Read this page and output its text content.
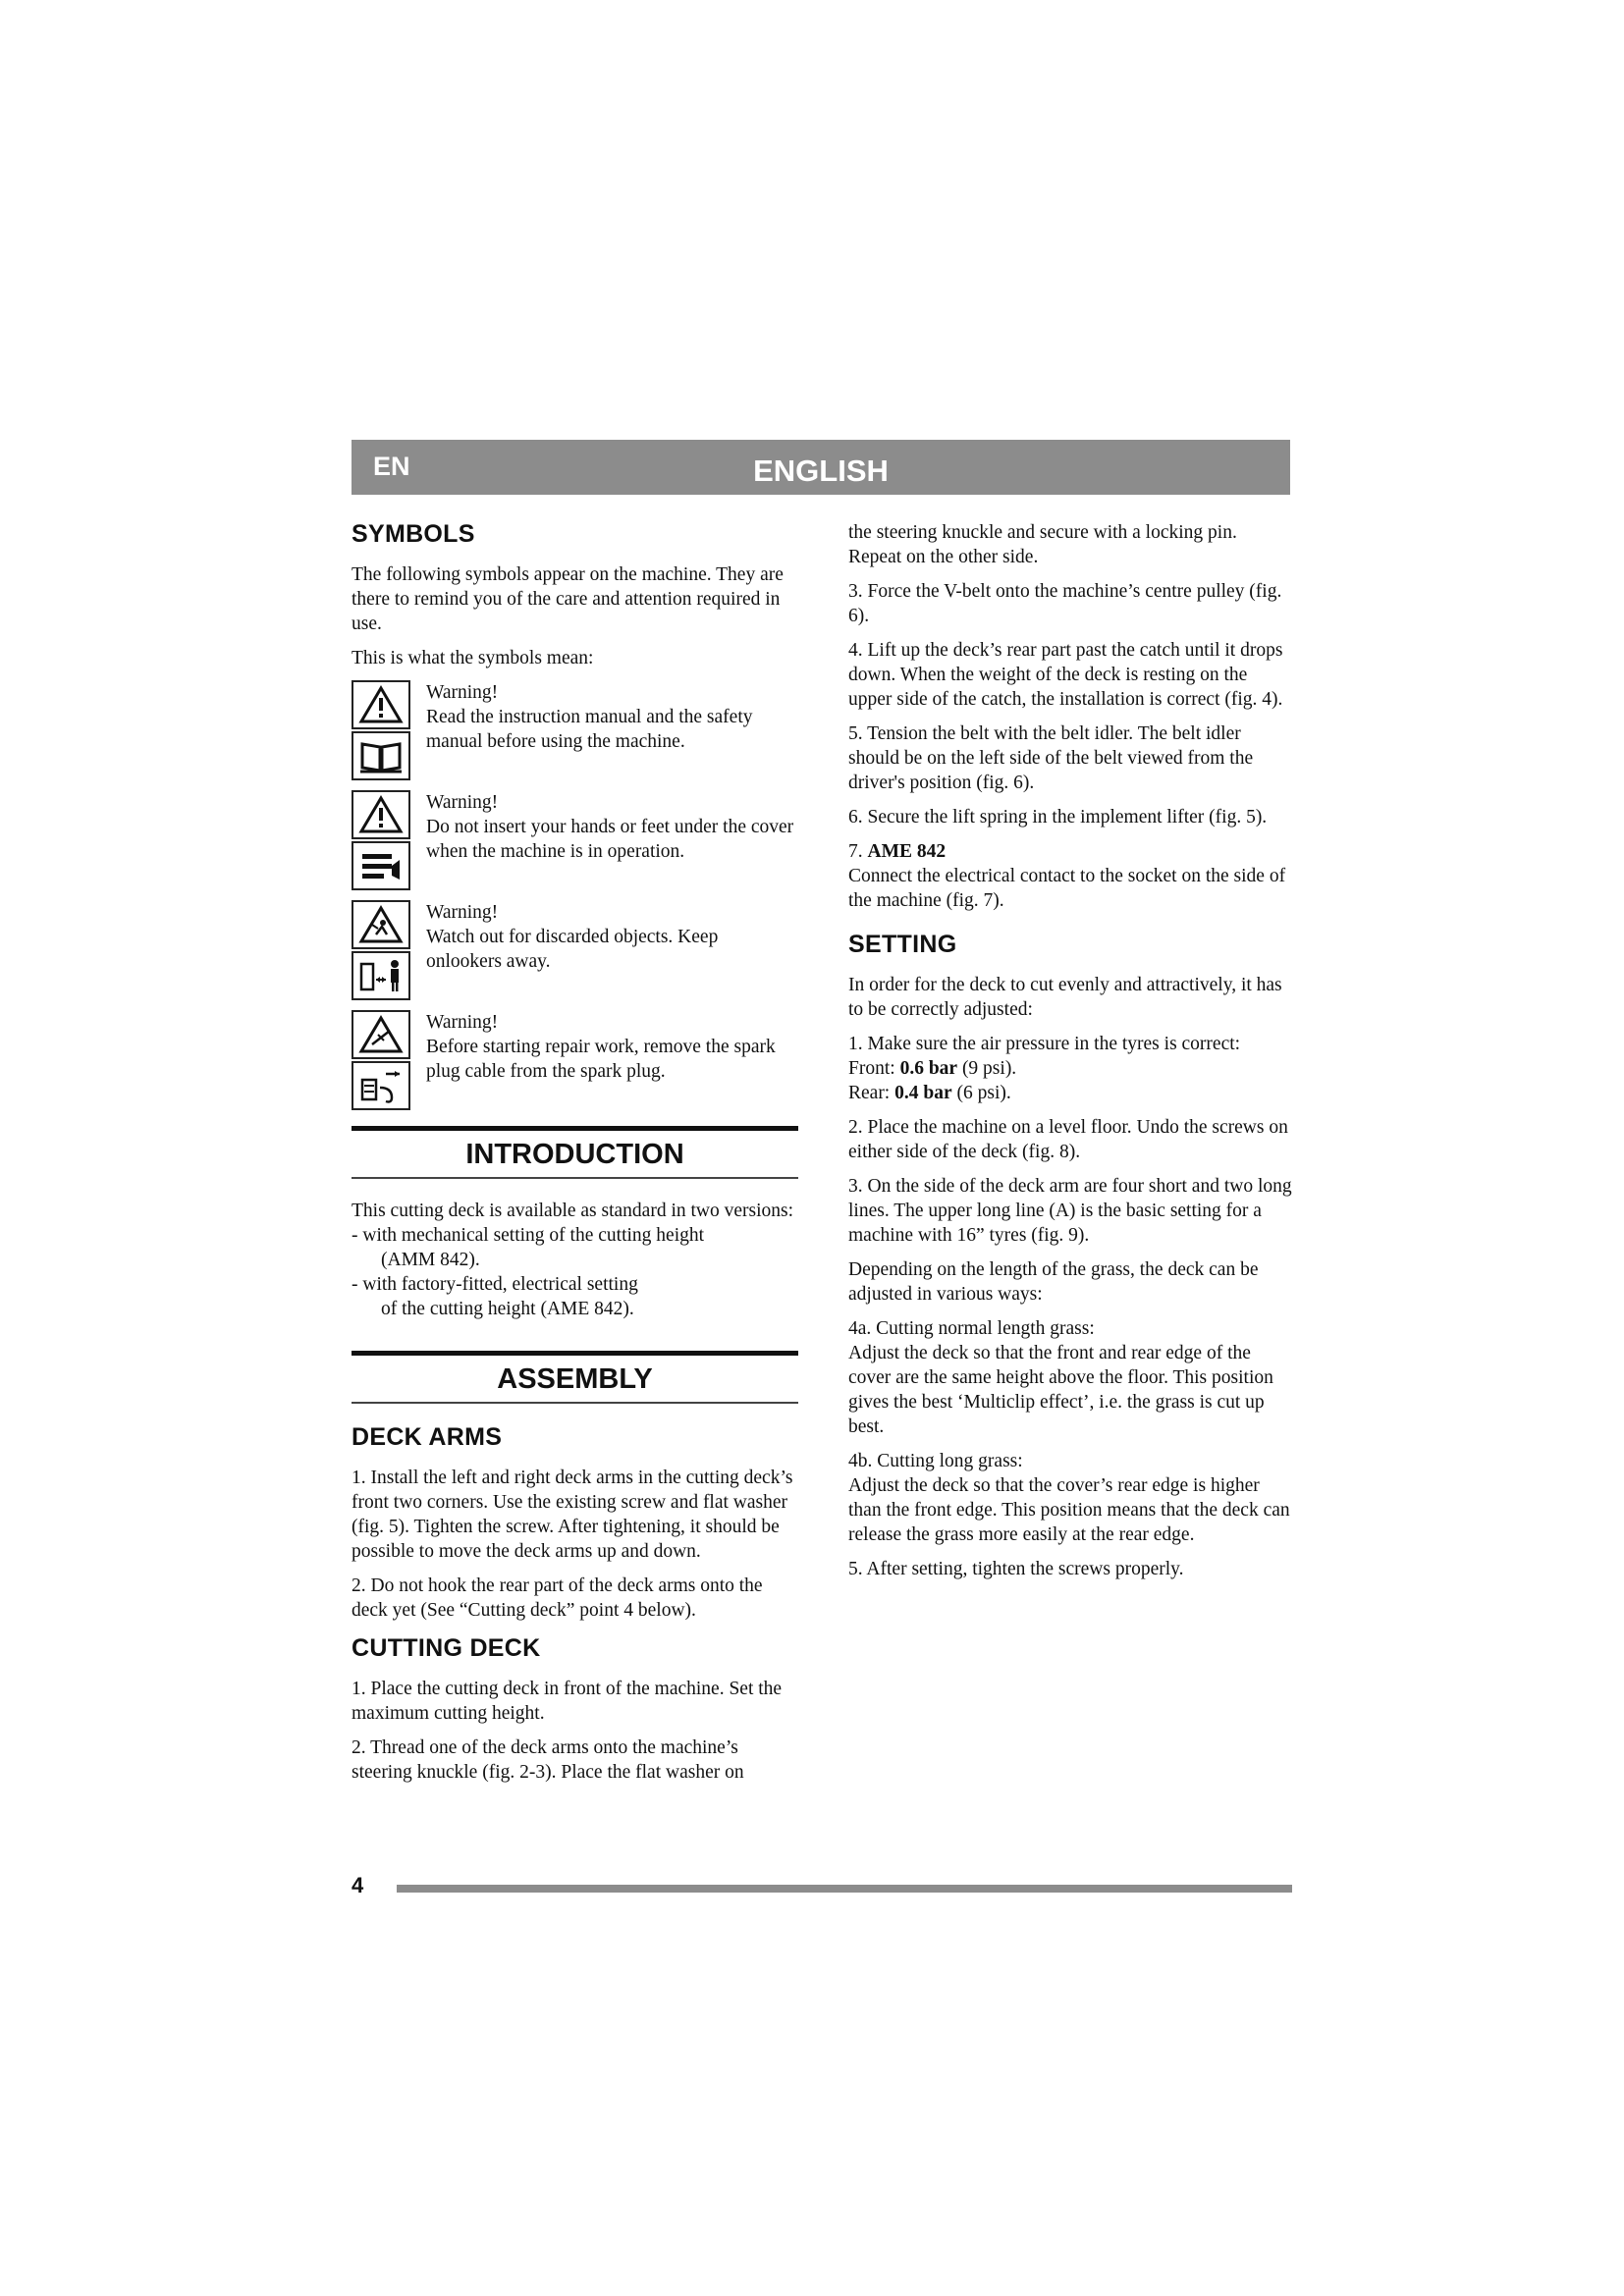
EN	ENGLISH
SYMBOLS

The following symbols appear on the machine. They are there to remind you of the care and attention required in use.

This is what the symbols mean:

Warning!

Read the instruction manual and the safety manual before using the machine.

Warning!

Do not insert your hands or feet under the cover when the machine is in operation.

Warning!

Watch out for discarded objects. Keep onlookers away.

Warning!

Before starting repair work, remove the spark plug cable from the spark plug.

INTRODUCTION

This cutting deck is available as standard in two versions:
- with mechanical setting of the cutting height
(AMM 842).
- with factory-fitted, electrical setting
of the cutting height (AME 842).

ASSEMBLY
DECK ARMS

1. Install the left and right deck arms in the cutting deck’s front two corners. Use the existing screw and flat washer (fig. 5). Tighten the screw. After tightening, it should be possible to move the deck arms up and down.

2. Do not hook the rear part of the deck arms onto the deck yet (See “Cutting deck” point 4 below).

CUTTING DECK

1. Place the cutting deck in front of the machine. Set the maximum cutting height.

2. Thread one of the deck arms onto the machine’s steering knuckle (fig. 2-3). Place the flat washer on

the steering knuckle and secure with a locking pin. Repeat on the other side.

3. Force the V-belt onto the machine’s centre pulley (fig. 6).

4. Lift up the deck’s rear part past the catch until it drops down. When the weight of the deck is resting on the upper side of the catch, the installation is correct (fig. 4).

5. Tension the belt with the belt idler. The belt idler should be on the left side of the belt viewed from the driver's position (fig. 6).

6. Secure the lift spring in the implement lifter (fig. 5).

7. AME 842
Connect the electrical contact to the socket on the side of the machine (fig. 7).

SETTING

In order for the deck to cut evenly and attractively, it has to be correctly adjusted:

1. Make sure the air pressure in the tyres is correct:
Front: 0.6 bar (9 psi).
Rear: 0.4 bar (6 psi).

2. Place the machine on a level floor. Undo the screws on either side of the deck (fig. 8).

3. On the side of the deck arm are four short and two long lines. The upper long line (A) is the basic setting for a machine with 16” tyres (fig. 9).

Depending on the length of the grass, the deck can be adjusted in various ways:

4a. Cutting normal length grass:
Adjust the deck so that the front and rear edge of the cover are the same height above the floor. This position gives the best ‘Multiclip effect’, i.e. the grass is cut up best.

4b. Cutting long grass:
Adjust the deck so that the cover’s rear edge is higher than the front edge. This position means that the deck can release the grass more easily at the rear edge.

5. After setting, tighten the screws properly.

4
